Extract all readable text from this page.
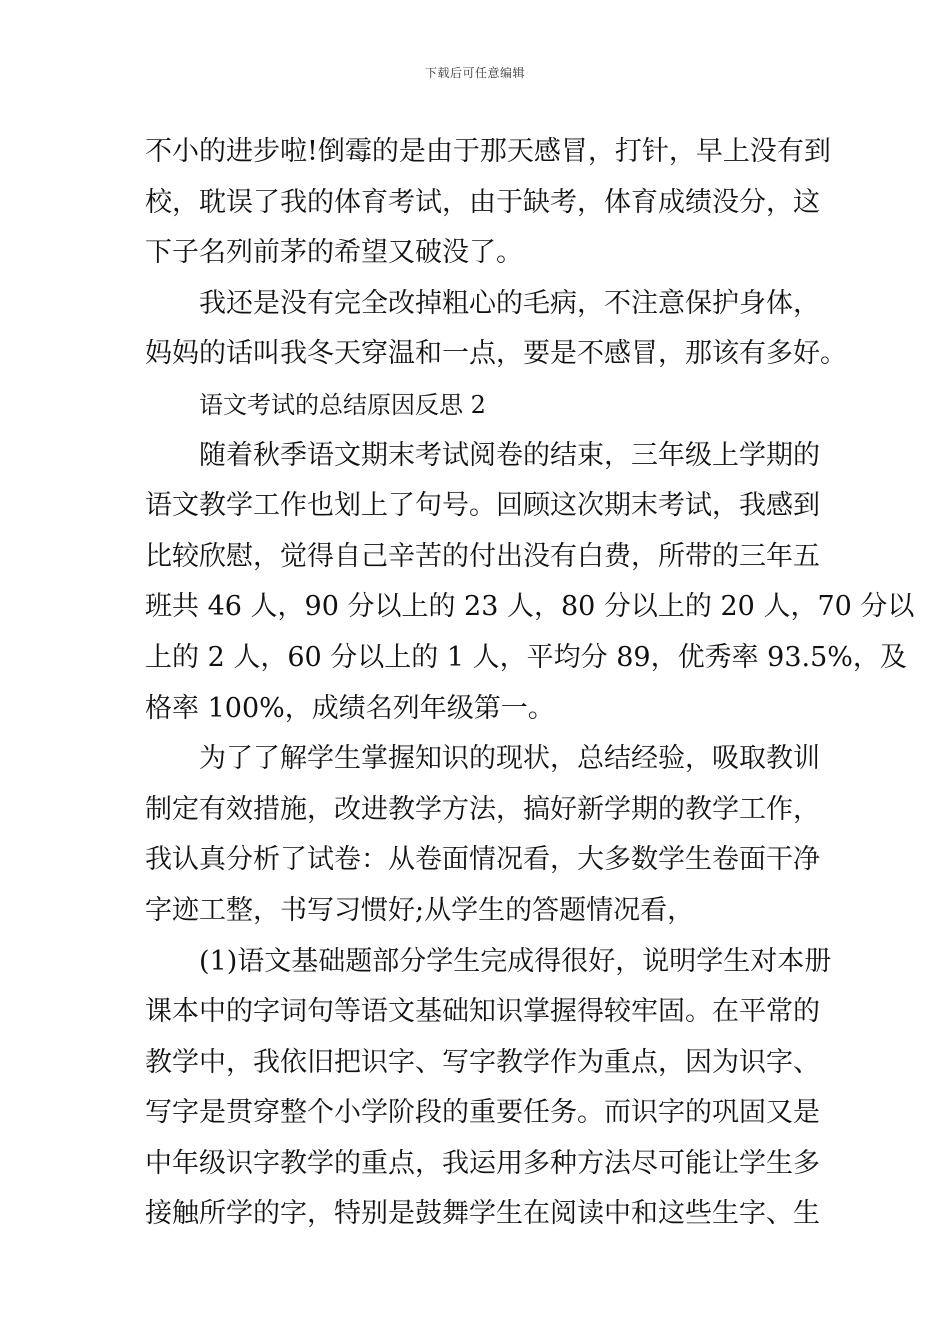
下载后可任意编辑
不小的进步啦!倒霉的是由于那天感冒，打针，早上没有到
校，耽误了我的体育考试，由于缺考，体育成绩没分，这
下子名列前茅的希望又破没了。
我还是没有完全改掉粗心的毛病，不注意保护身体，
妈妈的话叫我冬天穿温和一点，要是不感冒，那该有多好。
语文考试的总结原因反思 2
随着秋季语文期末考试阅卷的结束，三年级上学期的
语文教学工作也划上了句号。回顾这次期末考试，我感到
比较欣慰，觉得自己辛苦的付出没有白费，所带的三年五
班共 46 人，90 分以上的 23 人，80 分以上的 20 人，70 分以
上的 2 人，60 分以上的 1 人，平均分 89，优秀率 93.5%，及
格率 100%，成绩名列年级第一。
为了了解学生掌握知识的现状，总结经验，吸取教训
制定有效措施，改进教学方法，搞好新学期的教学工作，
我认真分析了试卷：从卷面情况看，大多数学生卷面干净
字迹工整，书写习惯好;从学生的答题情况看，
(1)语文基础题部分学生完成得很好，说明学生对本册
课本中的字词句等语文基础知识掌握得较牢固。在平常的
教学中，我依旧把识字、写字教学作为重点，因为识字、
写字是贯穿整个小学阶段的重要任务。而识字的巩固又是
中年级识字教学的重点，我运用多种方法尽可能让学生多
接触所学的字，特别是鼓舞学生在阅读中和这些生字、生
